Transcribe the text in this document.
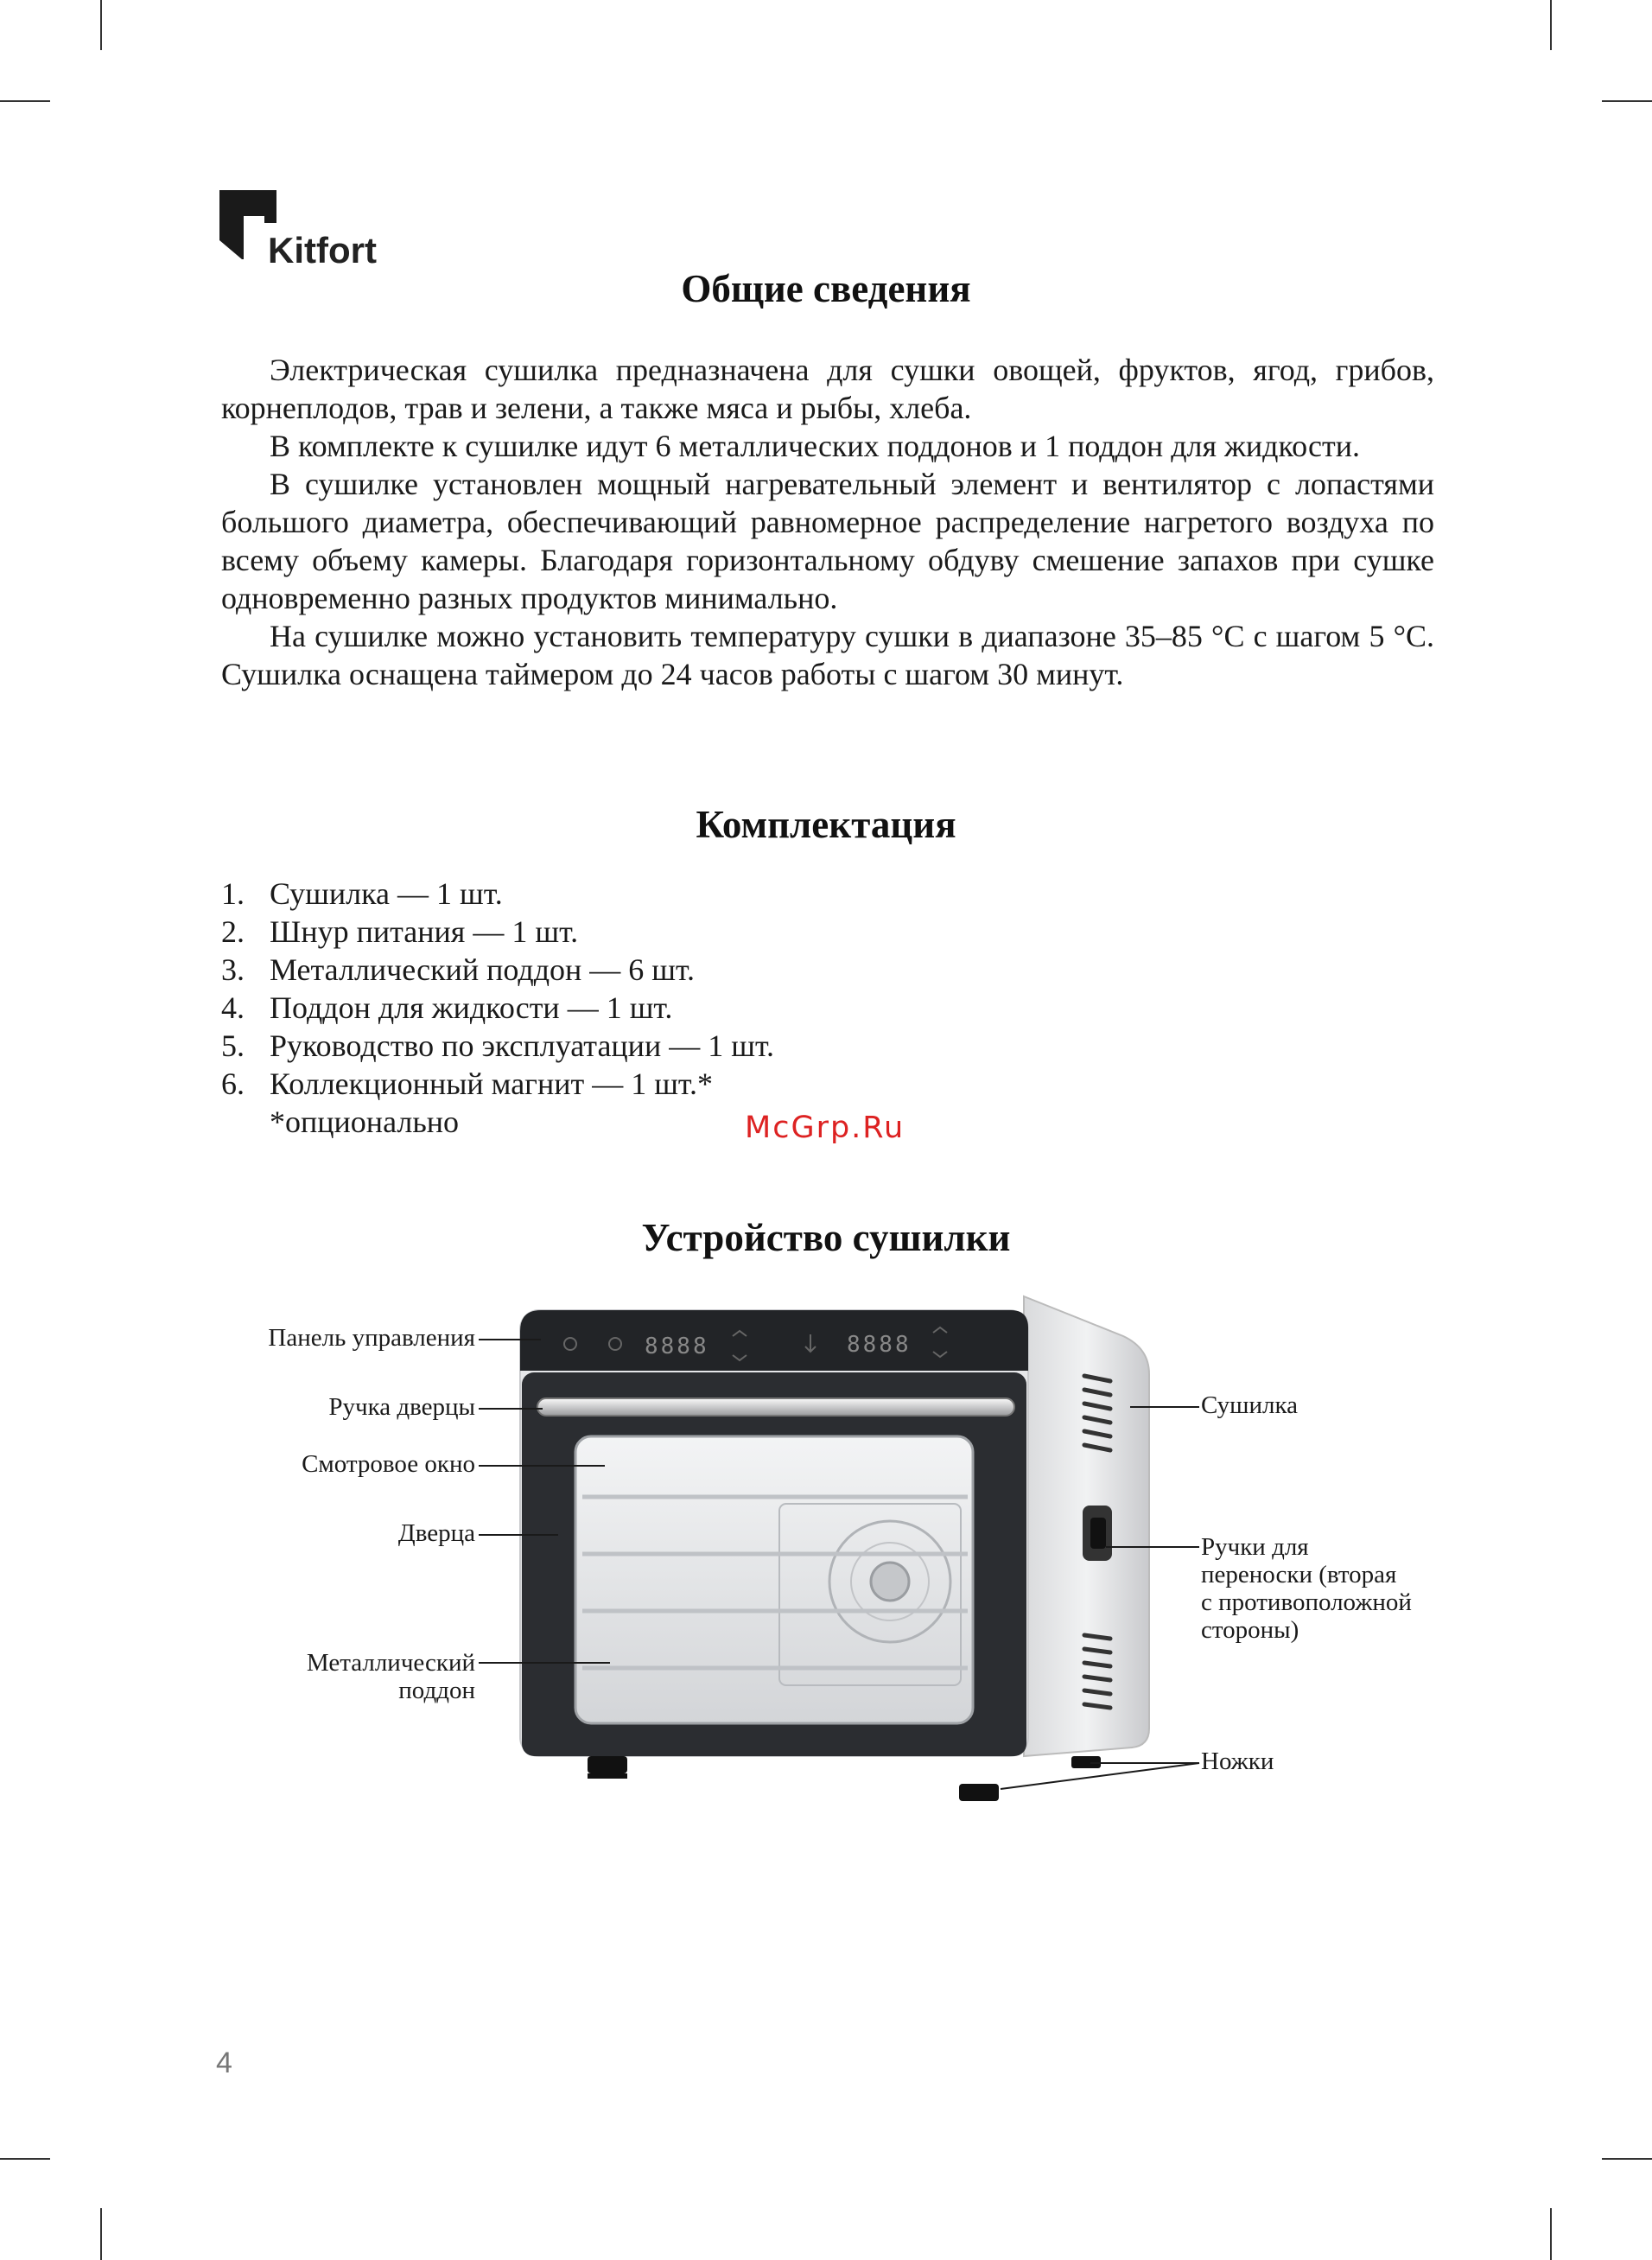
Kitfort
Общие сведения

Электрическая сушилка предназначена для сушки овощей, фруктов, ягод, грибов, корнеплодов, трав и зелени, а также мяса и рыбы, хлеба.

В комплекте к сушилке идут 6 металлических поддонов и 1 поддон для жидкости.

В сушилке установлен мощный нагревательный элемент и вентилятор с лопастями большого диаметра, обеспечивающий равномерное распределение нагретого воздуха по всему объему камеры. Благодаря горизонтальному обдуву смешение запахов при сушке одновременно разных продуктов минимально.

На сушилке можно установить температуру сушки в диапазоне 35–85 °С с шагом 5 °С. Сушилка оснащена таймером до 24 часов работы с шагом 30 минут.

Комплектация
1. Сушилка — 1 шт.
2. Шнур питания — 1 шт.
3. Металлический поддон — 6 шт.
4. Поддон для жидкости — 1 шт.
5. Руководство по эксплуатации — 1 шт.
6. Коллекционный магнит — 1 шт.*
*опционально	McGrp.Ru
Устройство сушилки
8888	8888
Панель управления
Ручка дверцы
Смотровое окно
Дверца
Металлический
поддон
Сушилка
Ручки для
переноски (вторая
с противоположной
стороны)
Ножки
4
